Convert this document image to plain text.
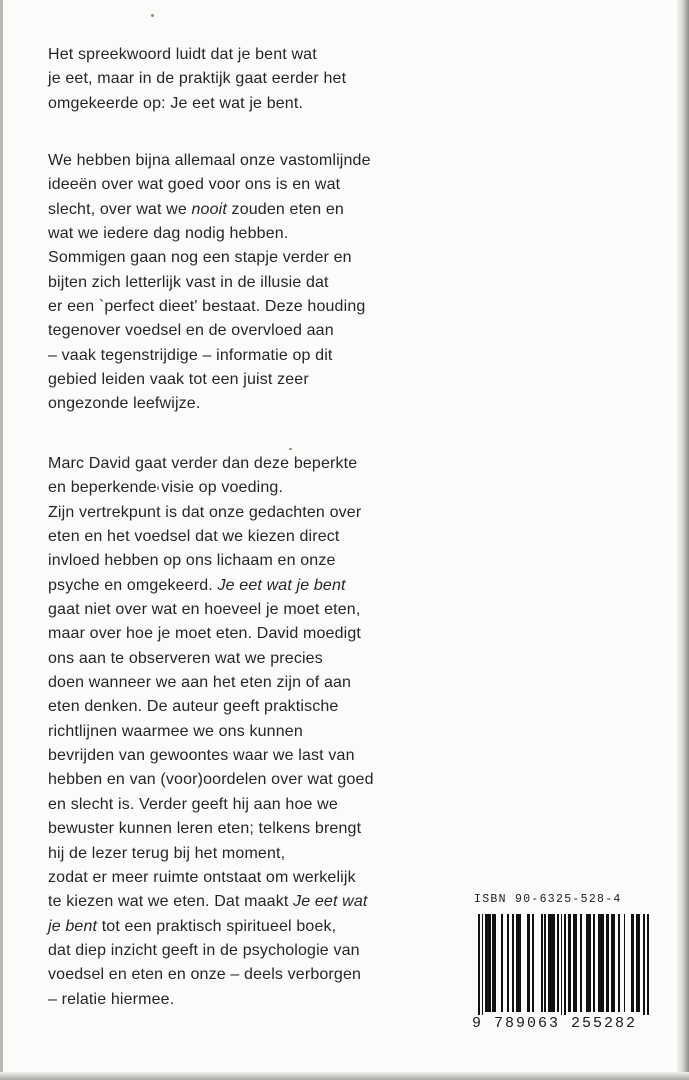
Het spreekwoord luidt dat je bent wat
je eet, maar in de praktijk gaat eerder het
omgekeerde op: Je eet wat je bent.
We hebben bijna allemaal onze vastomlijnde
ideeën over wat goed voor ons is en wat
slecht, over wat we nooit zouden eten en
wat we iedere dag nodig hebben.
Sommigen gaan nog een stapje verder en
bijten zich letterlijk vast in de illusie dat
er een `perfect dieet' bestaat. Deze houding
tegenover voedsel en de overvloed aan
– vaak tegenstrijdige – informatie op dit
gebied leiden vaak tot een juist zeer
ongezonde leefwijze.
Marc David gaat verder dan deze beperkte
en beperkende visie op voeding.
Zijn vertrekpunt is dat onze gedachten over
eten en het voedsel dat we kiezen direct
invloed hebben op ons lichaam en onze
psyche en omgekeerd. Je eet wat je bent
gaat niet over wat en hoeveel je moet eten,
maar over hoe je moet eten. David moedigt
ons aan te observeren wat we precies
doen wanneer we aan het eten zijn of aan
eten denken. De auteur geeft praktische
richtlijnen waarmee we ons kunnen
bevrijden van gewoontes waar we last van
hebben en van (voor)oordelen over wat goed
en slecht is. Verder geeft hij aan hoe we
bewuster kunnen leren eten; telkens brengt
hij de lezer terug bij het moment,
zodat er meer ruimte ontstaat om werkelijk
te kiezen wat we eten. Dat maakt Je eet wat
je bent tot een praktisch spiritueel boek,
dat diep inzicht geeft in de psychologie van
voedsel en eten en onze – deels verborgen
– relatie hiermee.
ISBN 90-6325-528-4
9 789063 255282
